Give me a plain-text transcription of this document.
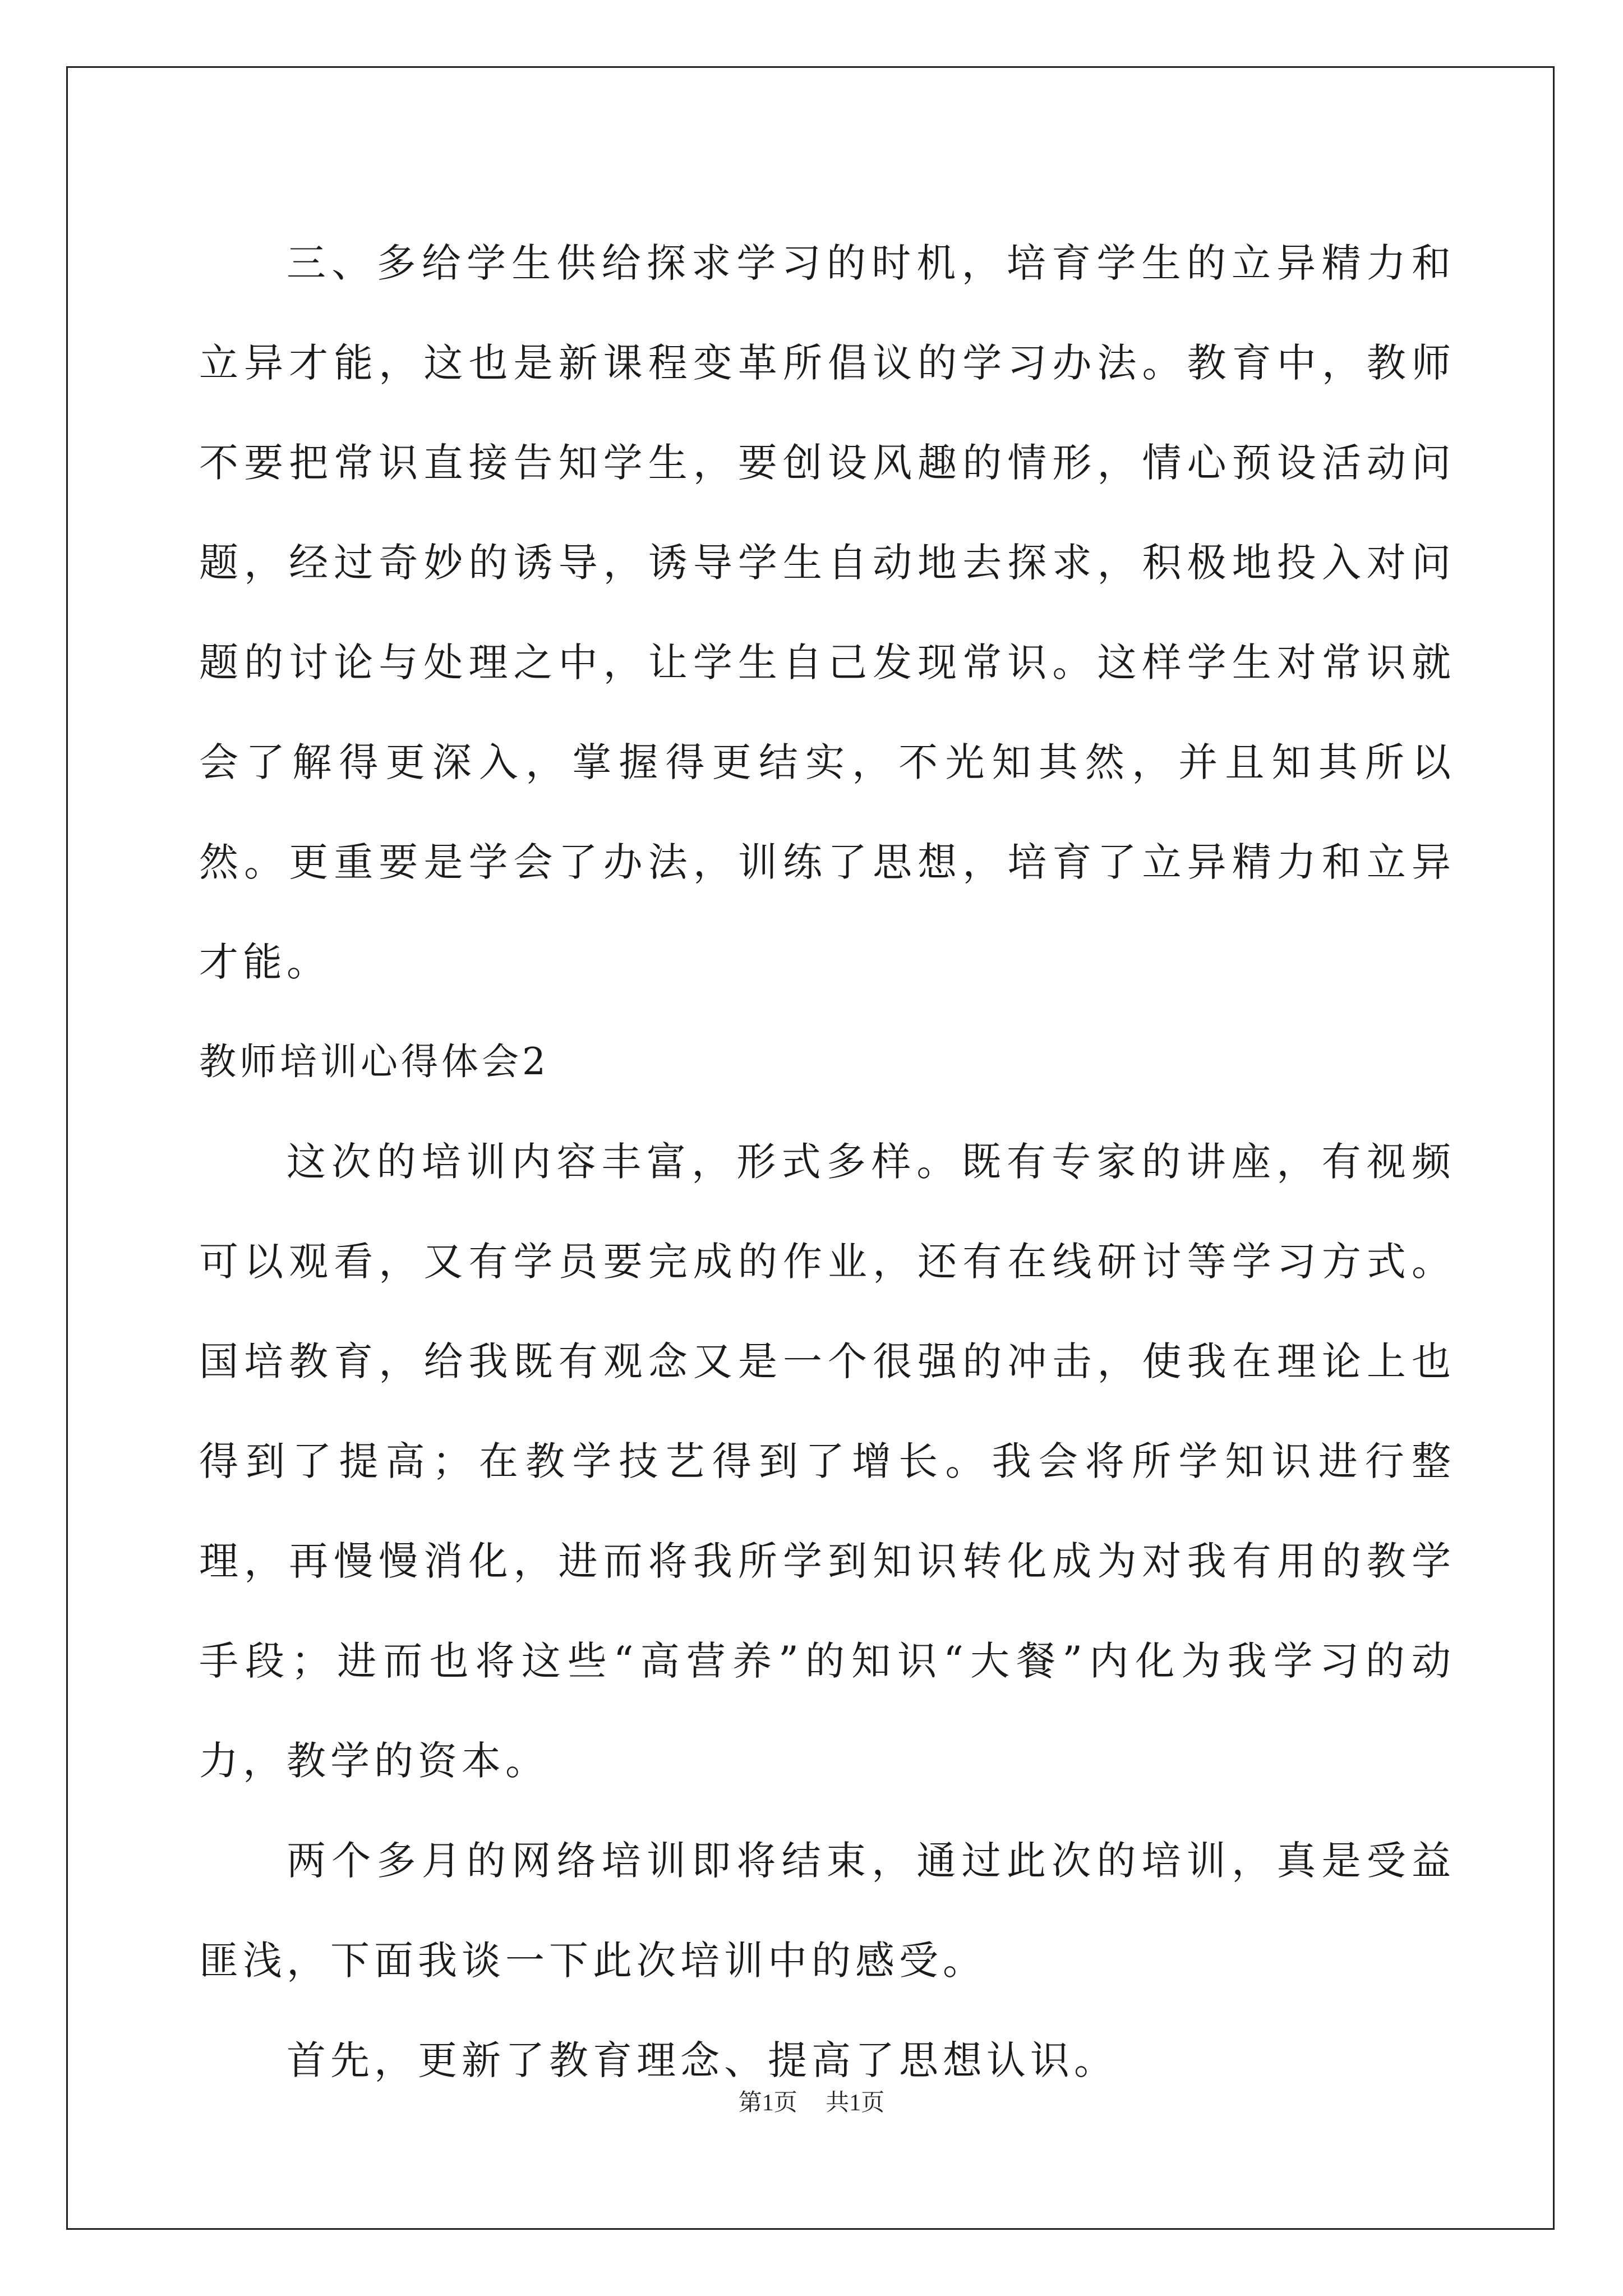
三、多给学生供给探求学习的时机，培育学生的立异精力和立异才能，这也是新课程变革所倡议的学习办法。教育中，教师不要把常识直接告知学生，要创设风趣的情形，情心预设活动问题，经过奇妙的诱导，诱导学生自动地去探求，积极地投入对问题的讨论与处理之中，让学生自己发现常识。这样学生对常识就会了解得更深入，掌握得更结实，不光知其然，并且知其所以然。更重要是学会了办法，训练了思想，培育了立异精力和立异才能。

教师培训心得体会2

这次的培训内容丰富，形式多样。既有专家的讲座，有视频可以观看，又有学员要完成的作业，还有在线研讨等学习方式。国培教育，给我既有观念又是一个很强的冲击，使我在理论上也得到了提高；在教学技艺得到了增长。我会将所学知识进行整理，再慢慢消化，进而将我所学到知识转化成为对我有用的教学手段；进而也将这些“高营养”的知识“大餐”内化为我学习的动力，教学的资本。

两个多月的网络培训即将结束，通过此次的培训，真是受益匪浅，下面我谈一下此次培训中的感受。

首先，更新了教育理念、提高了思想认识。

第1页 共1页
